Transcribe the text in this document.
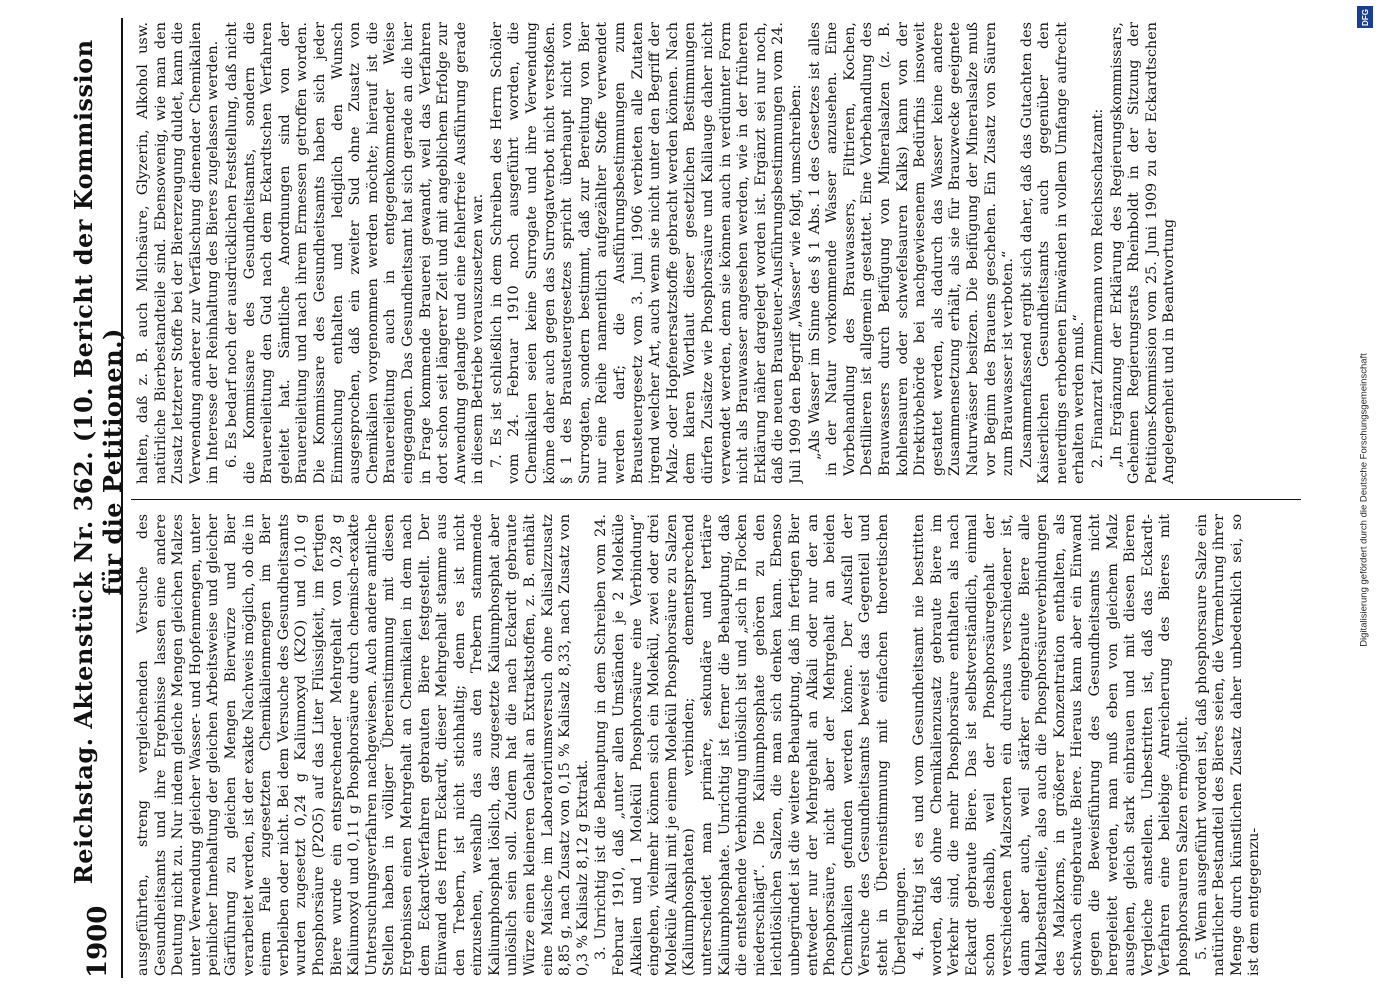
1900
Reichstag. Aktenstück Nr. 362. (10. Bericht der Kommission für die Petitionen.)

ausgeführten, streng vergleichenden Versuche des Gesundheitsamts und ihre Ergebnisse lassen eine andere Deutung nicht zu. Nur indem gleiche Mengen gleichen Malzes unter Verwendung gleicher Wasser- und Hopfenmengen, unter peinlicher Innehaltung der gleichen Arbeitsweise und gleicher Gärführung zu gleichen Mengen Bierwürze und Bier verarbeitet werden, ist der exakte Nachweis möglich, ob die in einem Falle zugesetzten Chemikalienmengen im Bier verbleiben oder nicht. Bei dem Versuche des Gesundheitsamts wurden zugesetzt 0,24 g Kaliumoxyd (K2O) und 0,10 g Phosphorsäure (P2O5) auf das Liter Flüssigkeit, im fertigen Biere wurde ein entsprechender Mehrgehalt von 0,28 g Kaliumoxyd und 0,11 g Phosphorsäure durch chemisch-exakte Untersuchungsverfahren nachgewiesen. Auch andere amtliche Stellen haben in völliger Übereinstimmung mit diesen Ergebnissen einen Mehrgehalt an Chemikalien in dem nach dem Eckardt-Verfahren gebrauten Biere festgestellt. Der Einwand des Herrn Eckardt, dieser Mehrgehalt stamme aus den Trebern, ist nicht stichhaltig; denn es ist nicht einzusehen, weshalb das aus den Trebern stammende Kaliumphosphat löslich, das zugesetzte Kaliumphosphat aber unlöslich sein soll. Zudem hat die nach Eckardt gebraute Würze einen kleineren Gehalt an Extraktstoffen, z. B. enthält eine Maische im Laboratoriumsversuch ohne Kalisalzzusatz 8,85 g, nach Zusatz von 0,15 % Kalisalz 8,33, nach Zusatz von 0,3 % Kalisalz 8,12 g Extrakt. 3. Unrichtig ist die Behauptung in dem Schreiben vom 24. Februar 1910, daß „unter allen Umständen je 2 Moleküle Alkalien und 1 Molekül Phosphorsäure eine Verbindung“ eingehen, vielmehr können sich ein Molekül, zwei oder drei Moleküle Alkali mit je einem Molekül Phosphorsäure zu Salzen (Kaliumphosphaten) verbinden; dementsprechend unterscheidet man primäre, sekundäre und tertiäre Kaliumphosphate. Unrichtig ist ferner die Behauptung, daß die entstehende Verbindung unlöslich ist und „sich in Flocken niederschlägt“. Die Kaliumphosphate gehören zu den leichtlöslichen Salzen, die man sich denken kann. Ebenso unbegründet ist die weitere Behauptung, daß im fertigen Bier entweder nur der Mehrgehalt an Alkali oder nur der an Phosphorsäure, nicht aber der Mehrgehalt an beiden Chemikalien gefunden werden könne. Der Ausfall der Versuche des Gesundheitsamts beweist das Gegenteil und steht in Übereinstimmung mit einfachen theoretischen Überlegungen. 4. Richtig ist es und vom Gesundheitsamt nie bestritten worden, daß ohne Chemikalienzusatz gebraute Biere im Verkehr sind, die mehr Phosphorsäure enthalten als nach Eckardt gebraute Biere. Das ist selbstverständlich, einmal schon deshalb, weil der Phosphorsäuregehalt der verschiedenen Malzsorten ein durchaus verschiedener ist, dann aber auch, weil stärker eingebraute Biere alle Malzbestandteile, also auch die Phosphorsäureverbindungen des Malzkorns, in größerer Konzentration enthalten, als schwach eingebraute Biere. Hieraus kann aber ein Einwand gegen die Beweisführung des Gesundheitsamts nicht hergeleitet werden, man muß eben von gleichem Malz ausgehen, gleich stark einbrauen und mit diesen Bieren Vergleiche anstellen. Unbestritten ist, daß das Eckardt-Verfahren eine beliebige Anreicherung des Bieres mit phosphorsauren Salzen ermöglicht. 5. Wenn ausgeführt worden ist, daß phosphorsaure Salze ein natürlicher Bestandteil des Bieres seien, die Vermehrung ihrer Menge durch künstlichen Zusatz daher unbedenklich sei, so ist dem entgegenzu-

halten, daß z. B. auch Milchsäure, Glyzerin, Alkohol usw. natürliche Bierbestandteile sind. Ebensowenig, wie man den Zusatz letzterer Stoffe bei der Biererzeugung duldet, kann die Verwendung anderer zur Verfälschung dienender Chemikalien im Interesse der Reinhaltung des Bieres zugelassen werden. 6. Es bedarf noch der ausdrücklichen Feststellung, daß nicht die Kommissare des Gesundheitsamts, sondern die Brauereileitung den Gud nach dem Eckardtschen Verfahren geleitet hat. Sämtliche Anordnungen sind von der Brauereileitung und nach ihrem Ermessen getroffen worden. Die Kommissare des Gesundheitsamts haben sich jeder Einmischung enthalten und lediglich den Wunsch ausgesprochen, daß ein zweiter Sud ohne Zusatz von Chemikalien vorgenommen werden möchte; hierauf ist die Brauereileitung auch in entgegenkommender Weise eingegangen. Das Gesundheitsamt hat sich gerade an die hier in Frage kommende Brauerei gewandt, weil das Verfahren dort schon seit längerer Zeit und mit angeblichem Erfolge zur Anwendung gelangte und eine fehlerfreie Ausführung gerade in diesem Betriebe vorauszusetzen war. 7. Es ist schließlich in dem Schreiben des Herrn Schöler vom 24. Februar 1910 noch ausgeführt worden, die Chemikalien seien keine Surrogate und ihre Verwendung könne daher auch gegen das Surrogatverbot nicht verstoßen. § 1 des Brausteuergesetzes spricht überhaupt nicht von Surrogaten, sondern bestimmt, daß zur Bereitung von Bier nur eine Reihe namentlich aufgezählter Stoffe verwendet werden darf; die Ausführungsbestimmungen zum Brausteuergesetz vom 3. Juni 1906 verbieten alle Zutaten irgend welcher Art, auch wenn sie nicht unter den Begriff der Malz- oder Hopfenersatzstoffe gebracht werden können. Nach dem klaren Wortlaut dieser gesetzlichen Bestimmungen dürfen Zusätze wie Phosphorsäure und Kalilauge daher nicht verwendet werden, denn sie können auch in verdünnter Form nicht als Brauwasser angesehen werden, wie in der früheren Erklärung näher dargelegt worden ist. Ergänzt sei nur noch, daß die neuen Brausteuer-Ausführungsbestimmungen vom 24. Juli 1909 den Begriff „Wasser“ wie folgt, umschreiben: „Als Wasser im Sinne des § 1 Abs. 1 des Gesetzes ist alles in der Natur vorkommende Wasser anzusehen. Eine Vorbehandlung des Brauwassers, Filtrieren, Kochen, Destillieren ist allgemein gestattet. Eine Vorbehandlung des Brauwassers durch Beifügung von Mineralsalzen (z. B. kohlensauren oder schwefelsauren Kalks) kann von der Direktivbehörde bei nachgewiesenem Bedürfnis insoweit gestattet werden, als dadurch das Wasser keine andere Zusammensetzung erhält, als sie für Brauzwecke geeignete Naturwässer besitzen. Die Beifügung der Mineralsalze muß vor Beginn des Brauens geschehen. Ein Zusatz von Säuren zum Brauwasser ist verboten.“ Zusammenfassend ergibt sich daher, daß das Gutachten des Kaiserlichen Gesundheitsamts auch gegenüber den neuerdings erhobenen Einwänden in vollem Umfange aufrecht erhalten werden muß.“ 2. Finanzrat Zimmermann vom Reichsschatzamt: „In Ergänzung der Erklärung des Regierungskommissars, Geheimen Regierungsrats Rheinboldt in der Sitzung der Petitions-Kommission vom 25. Juni 1909 zu der Eckardtschen Angelegenheit und in Beantwortung

Digitalisierung gefördert durch die Deutsche Forschungsgemeinschaft
DFG
